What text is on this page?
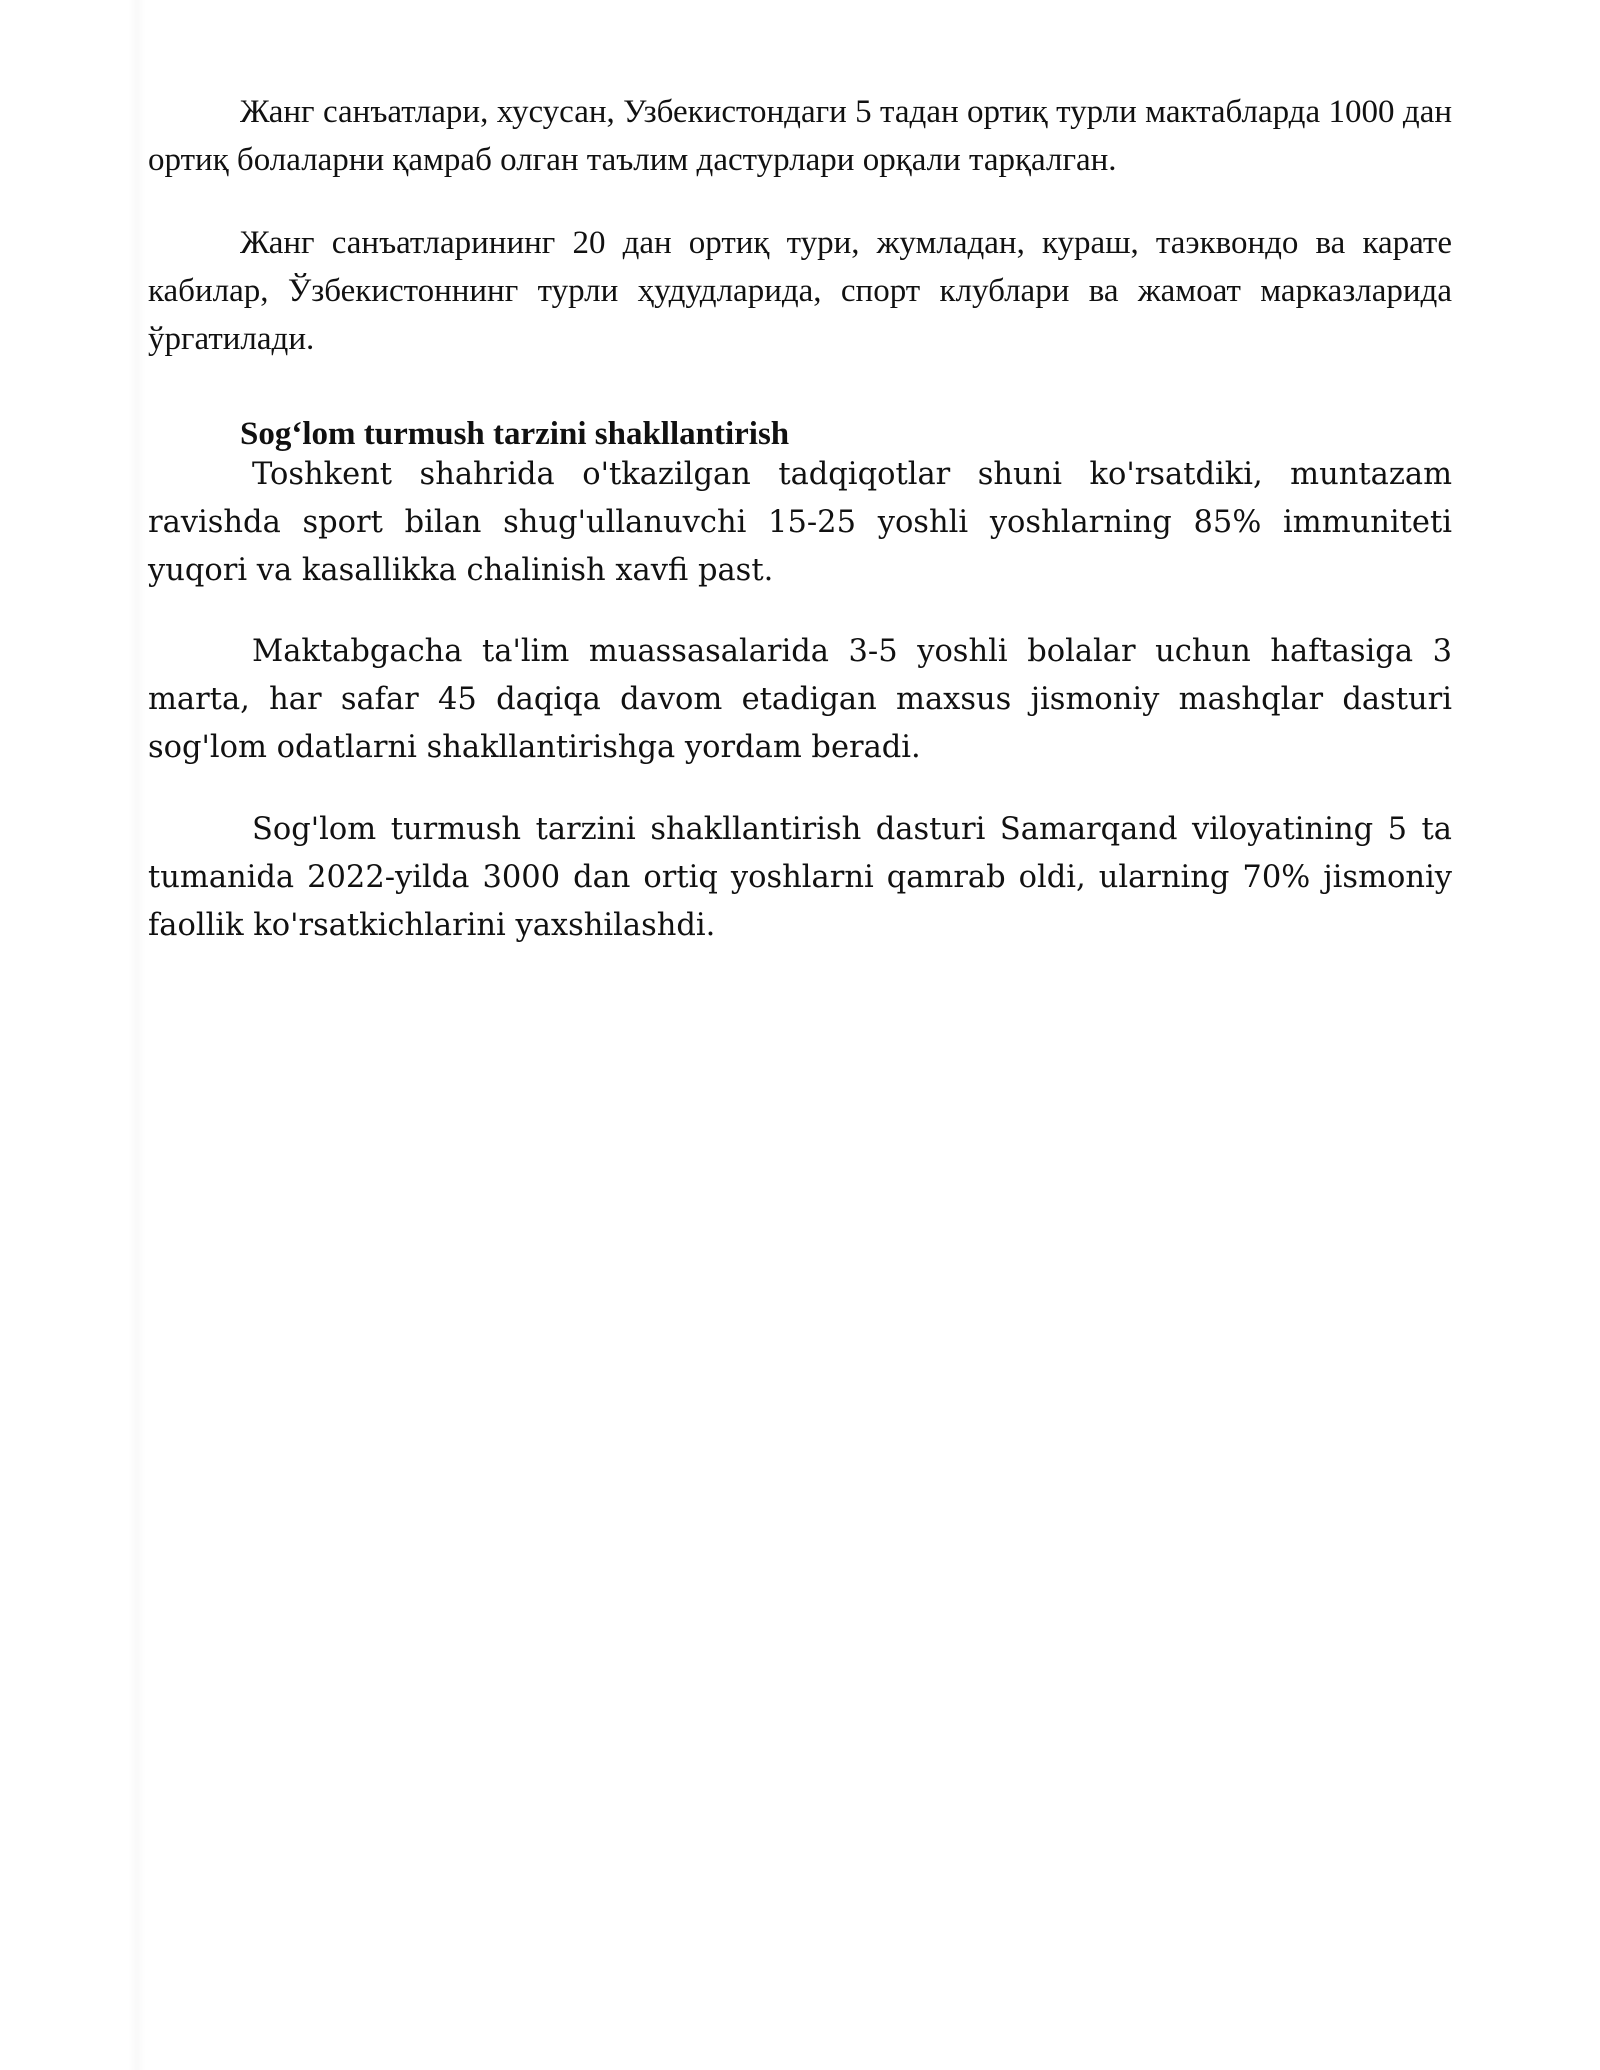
Жанг санъатлари, хусусан, Узбекистондаги 5 тадан ортиқ турли мактабларда 1000 дан ортиқ болаларни қамраб олган таълим дастурлари орқали тарқалган.

Жанг санъатларининг 20 дан ортиқ тури, жумладан, кураш, таэквондо ва карате кабилар, Ўзбекистоннинг турли ҳудудларида, спорт клублари ва жамоат марказларида ўргатилади.

Sog‘lom turmush tarzini shakllantirish

Toshkent shahrida o'tkazilgan tadqiqotlar shuni ko'rsatdiki, muntazam ravishda sport bilan shug'ullanuvchi 15-25 yoshli yoshlarning 85% immuniteti yuqori va kasallikka chalinish xavfi past.

Maktabgacha ta'lim muassasalarida 3-5 yoshli bolalar uchun haftasiga 3 marta, har safar 45 daqiqa davom etadigan maxsus jismoniy mashqlar dasturi sog'lom odatlarni shakllantirishga yordam beradi.

Sog'lom turmush tarzini shakllantirish dasturi Samarqand viloyatining 5 ta tumanida 2022-yilda 3000 dan ortiq yoshlarni qamrab oldi, ularning 70% jismoniy faollik ko'rsatkichlarini yaxshilashdi.
